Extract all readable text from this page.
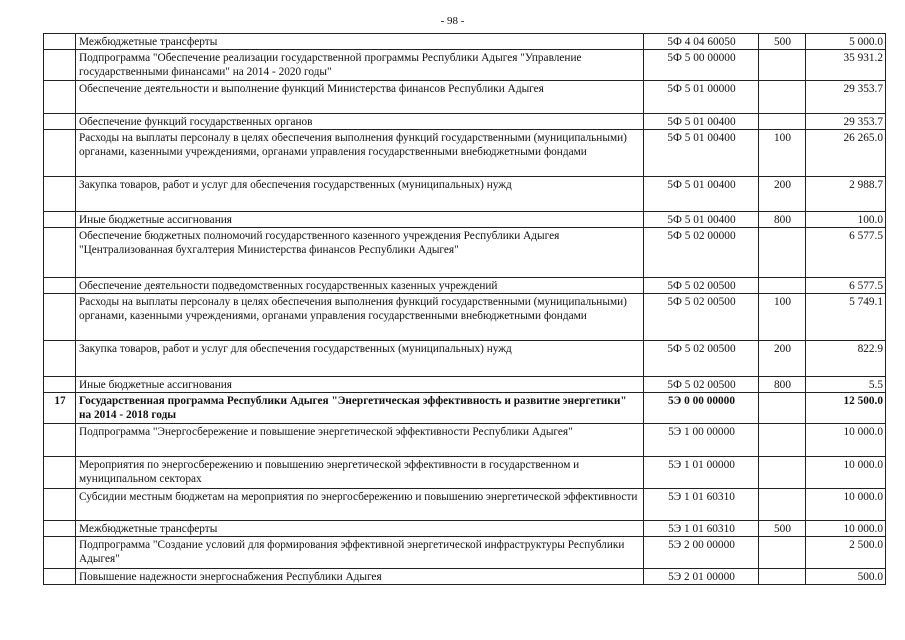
- 98 -
	Межбюджетные трансферты	5Ф 4 04 60050	500	5 000.0
	Подпрограмма "Обеспечение реализации государственной программы Республики Адыгея "Управление государственными финансами" на 2014 - 2020 годы"	5Ф 5 00 00000		35 931.2
	Обеспечение деятельности и выполнение функций Министерства финансов Республики Адыгея	5Ф 5 01 00000		29 353.7
	Обеспечение функций государственных органов	5Ф 5 01 00400		29 353.7
	Расходы на выплаты персоналу в целях обеспечения выполнения функций государственными (муниципальными) органами, казенными учреждениями, органами управления государственными внебюджетными фондами	5Ф 5 01 00400	100	26 265.0
	Закупка товаров, работ и услуг для обеспечения государственных (муниципальных) нужд	5Ф 5 01 00400	200	2 988.7
	Иные бюджетные ассигнования	5Ф 5 01 00400	800	100.0
	Обеспечение бюджетных полномочий государственного казенного учреждения Республики Адыгея "Централизованная бухгалтерия Министерства финансов Республики Адыгея"	5Ф 5 02 00000		6 577.5
	Обеспечение деятельности подведомственных государственных казенных учреждений	5Ф 5 02 00500		6 577.5
	Расходы на выплаты персоналу в целях обеспечения выполнения функций государственными (муниципальными) органами, казенными учреждениями, органами управления государственными внебюджетными фондами	5Ф 5 02 00500	100	5 749.1
	Закупка товаров, работ и услуг для обеспечения государственных (муниципальных) нужд	5Ф 5 02 00500	200	822.9
	Иные бюджетные ассигнования	5Ф 5 02 00500	800	5.5
17	Государственная программа Республики Адыгея "Энергетическая эффективность и развитие энергетики" на 2014 - 2018 годы	5Э 0 00 00000		12 500.0
	Подпрограмма "Энергосбережение и повышение энергетической эффективности Республики Адыгея"	5Э 1 00 00000		10 000.0
	Мероприятия по энергосбережению и повышению энергетической эффективности в государственном и муниципальном секторах	5Э 1 01 00000		10 000.0
	Субсидии местным бюджетам на мероприятия по энергосбережению и повышению энергетической эффективности	5Э 1 01 60310		10 000.0
	Межбюджетные трансферты	5Э 1 01 60310	500	10 000.0
	Подпрограмма "Создание условий для формирования эффективной энергетической инфраструктуры Республики Адыгея"	5Э 2 00 00000		2 500.0
	Повышение надежности энергоснабжения Республики Адыгея	5Э 2 01 00000		500.0
